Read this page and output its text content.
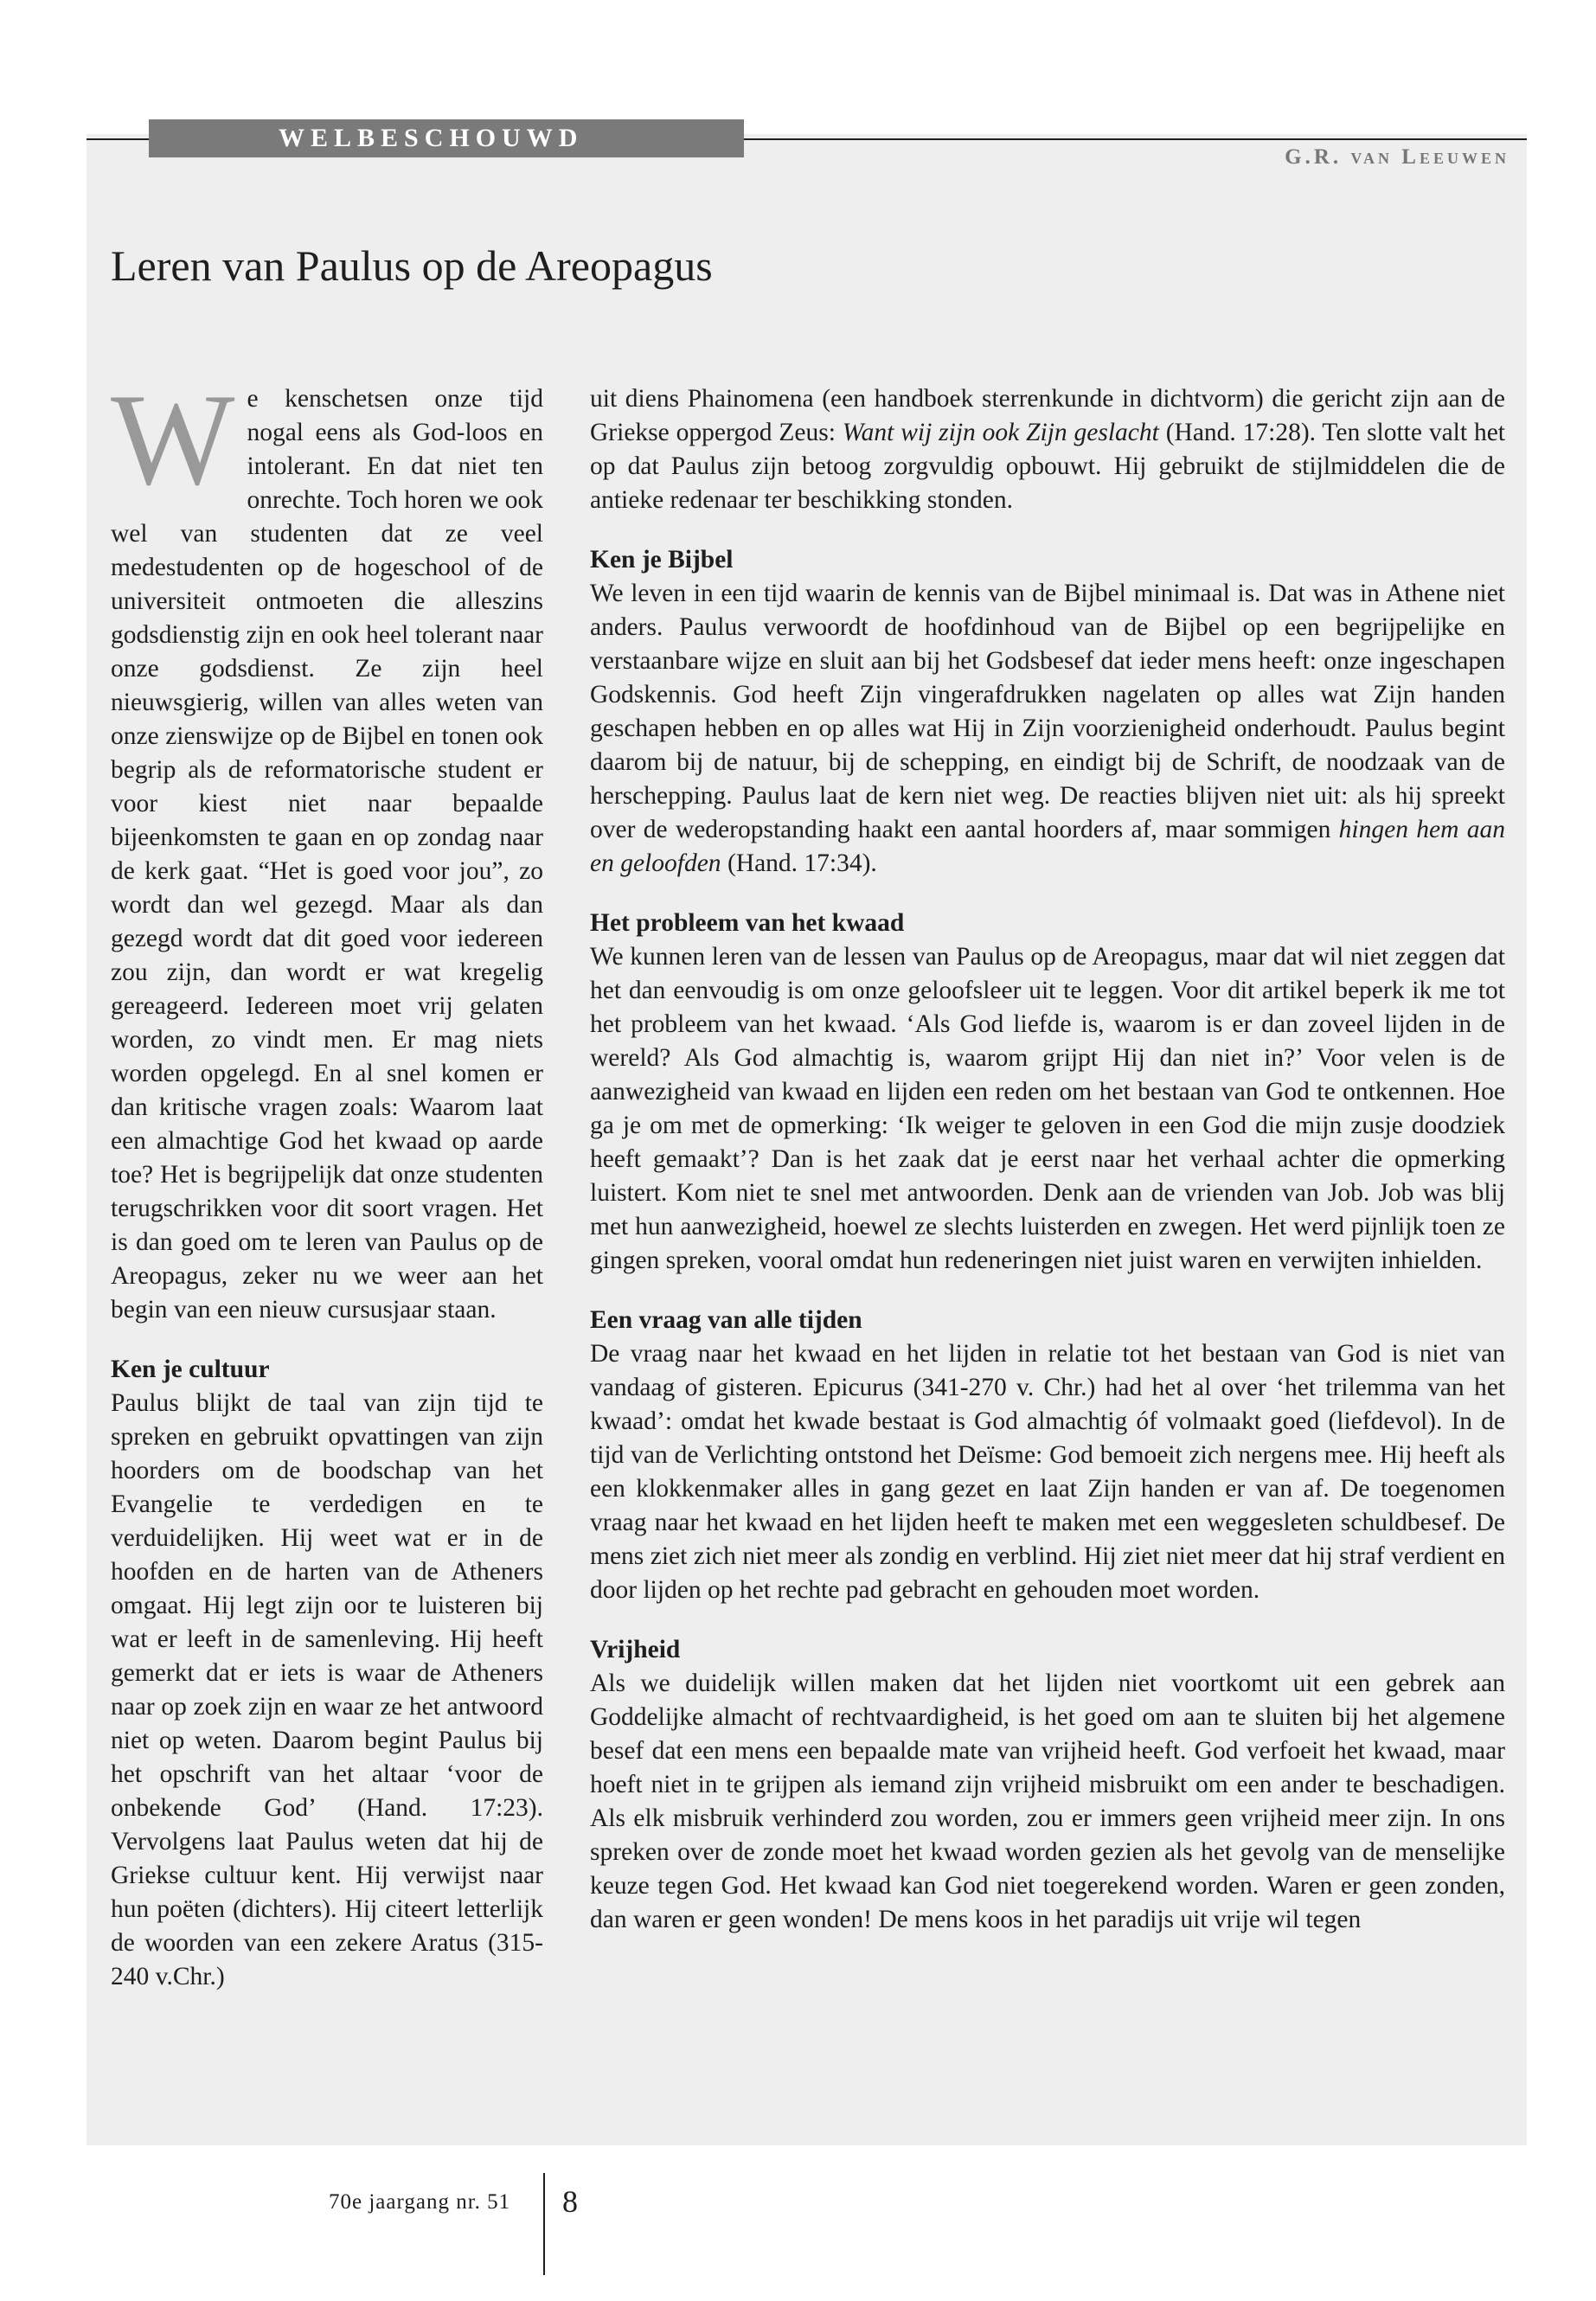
WELBESCHOUWD
G.R. van Leeuwen
Leren van Paulus op de Areopagus

We kenschetsen onze tijd nogal eens als God-loos en intolerant. En dat niet ten onrechte. Toch horen we ook wel van studenten dat ze veel medestudenten op de hogeschool of de universiteit ontmoeten die alleszins godsdienstig zijn en ook heel tolerant naar onze godsdienst. Ze zijn heel nieuwsgierig, willen van alles weten van onze zienswijze op de Bijbel en tonen ook begrip als de reformatorische student er voor kiest niet naar bepaalde bijeenkomsten te gaan en op zondag naar de kerk gaat. “Het is goed voor jou”, zo wordt dan wel gezegd. Maar als dan gezegd wordt dat dit goed voor iedereen zou zijn, dan wordt er wat kregelig gereageerd. Iedereen moet vrij gelaten worden, zo vindt men. Er mag niets worden opgelegd. En al snel komen er dan kritische vragen zoals: Waarom laat een almachtige God het kwaad op aarde toe? Het is begrijpelijk dat onze studenten terugschrikken voor dit soort vragen. Het is dan goed om te leren van Paulus op de Areopagus, zeker nu we weer aan het begin van een nieuw cursusjaar staan.

Ken je cultuur

Paulus blijkt de taal van zijn tijd te spreken en gebruikt opvattingen van zijn hoorders om de boodschap van het Evangelie te verdedigen en te verduidelijken. Hij weet wat er in de hoofden en de harten van de Atheners omgaat. Hij legt zijn oor te luisteren bij wat er leeft in de samenleving. Hij heeft gemerkt dat er iets is waar de Atheners naar op zoek zijn en waar ze het antwoord niet op weten. Daarom begint Paulus bij het opschrift van het altaar ‘voor de onbekende God’ (Hand. 17:23). Vervolgens laat Paulus weten dat hij de Griekse cultuur kent. Hij verwijst naar hun poëten (dichters). Hij citeert letterlijk de woorden van een zekere Aratus (315-240 v.Chr.)

uit diens Phainomena (een handboek sterrenkunde in dichtvorm) die gericht zijn aan de Griekse oppergod Zeus: Want wij zijn ook Zijn geslacht (Hand. 17:28). Ten slotte valt het op dat Paulus zijn betoog zorgvuldig opbouwt. Hij gebruikt de stijlmiddelen die de antieke redenaar ter beschikking stonden.

Ken je Bijbel

We leven in een tijd waarin de kennis van de Bijbel minimaal is. Dat was in Athene niet anders. Paulus verwoordt de hoofdinhoud van de Bijbel op een begrijpelijke en verstaanbare wijze en sluit aan bij het Godsbesef dat ieder mens heeft: onze ingeschapen Godskennis. God heeft Zijn vingerafdrukken nagelaten op alles wat Zijn handen geschapen hebben en op alles wat Hij in Zijn voorzienigheid onderhoudt. Paulus begint daarom bij de natuur, bij de schepping, en eindigt bij de Schrift, de noodzaak van de herschepping. Paulus laat de kern niet weg. De reacties blijven niet uit: als hij spreekt over de wederopstanding haakt een aantal hoorders af, maar sommigen hingen hem aan en geloofden (Hand. 17:34).

Het probleem van het kwaad

We kunnen leren van de lessen van Paulus op de Areopagus, maar dat wil niet zeggen dat het dan eenvoudig is om onze geloofsleer uit te leggen. Voor dit artikel beperk ik me tot het probleem van het kwaad. ‘Als God liefde is, waarom is er dan zoveel lijden in de wereld? Als God almachtig is, waarom grijpt Hij dan niet in?’ Voor velen is de aanwezigheid van kwaad en lijden een reden om het bestaan van God te ontkennen. Hoe ga je om met de opmerking: ‘Ik weiger te geloven in een God die mijn zusje doodziek heeft gemaakt’? Dan is het zaak dat je eerst naar het verhaal achter die opmerking luistert. Kom niet te snel met antwoorden. Denk aan de vrienden van Job. Job was blij met hun aanwezigheid, hoewel ze slechts luisterden en zwegen. Het werd pijnlijk toen ze gingen spreken, vooral omdat hun redeneringen niet juist waren en verwijten inhielden.

Een vraag van alle tijden

De vraag naar het kwaad en het lijden in relatie tot het bestaan van God is niet van vandaag of gisteren. Epicurus (341-270 v. Chr.) had het al over ‘het trilemma van het kwaad’: omdat het kwade bestaat is God almachtig óf volmaakt goed (liefdevol). In de tijd van de Verlichting ontstond het Deïsme: God bemoeit zich nergens mee. Hij heeft als een klokkenmaker alles in gang gezet en laat Zijn handen er van af. De toegenomen vraag naar het kwaad en het lijden heeft te maken met een weggesleten schuldbesef. De mens ziet zich niet meer als zondig en verblind. Hij ziet niet meer dat hij straf verdient en door lijden op het rechte pad gebracht en gehouden moet worden.

Vrijheid

Als we duidelijk willen maken dat het lijden niet voortkomt uit een gebrek aan Goddelijke almacht of rechtvaardigheid, is het goed om aan te sluiten bij het algemene besef dat een mens een bepaalde mate van vrijheid heeft. God verfoeit het kwaad, maar hoeft niet in te grijpen als iemand zijn vrijheid misbruikt om een ander te beschadigen. Als elk misbruik verhinderd zou worden, zou er immers geen vrijheid meer zijn. In ons spreken over de zonde moet het kwaad worden gezien als het gevolg van de menselijke keuze tegen God. Het kwaad kan God niet toegerekend worden. Waren er geen zonden, dan waren er geen wonden! De mens koos in het paradijs uit vrije wil tegen

70e jaargang nr. 51 8
